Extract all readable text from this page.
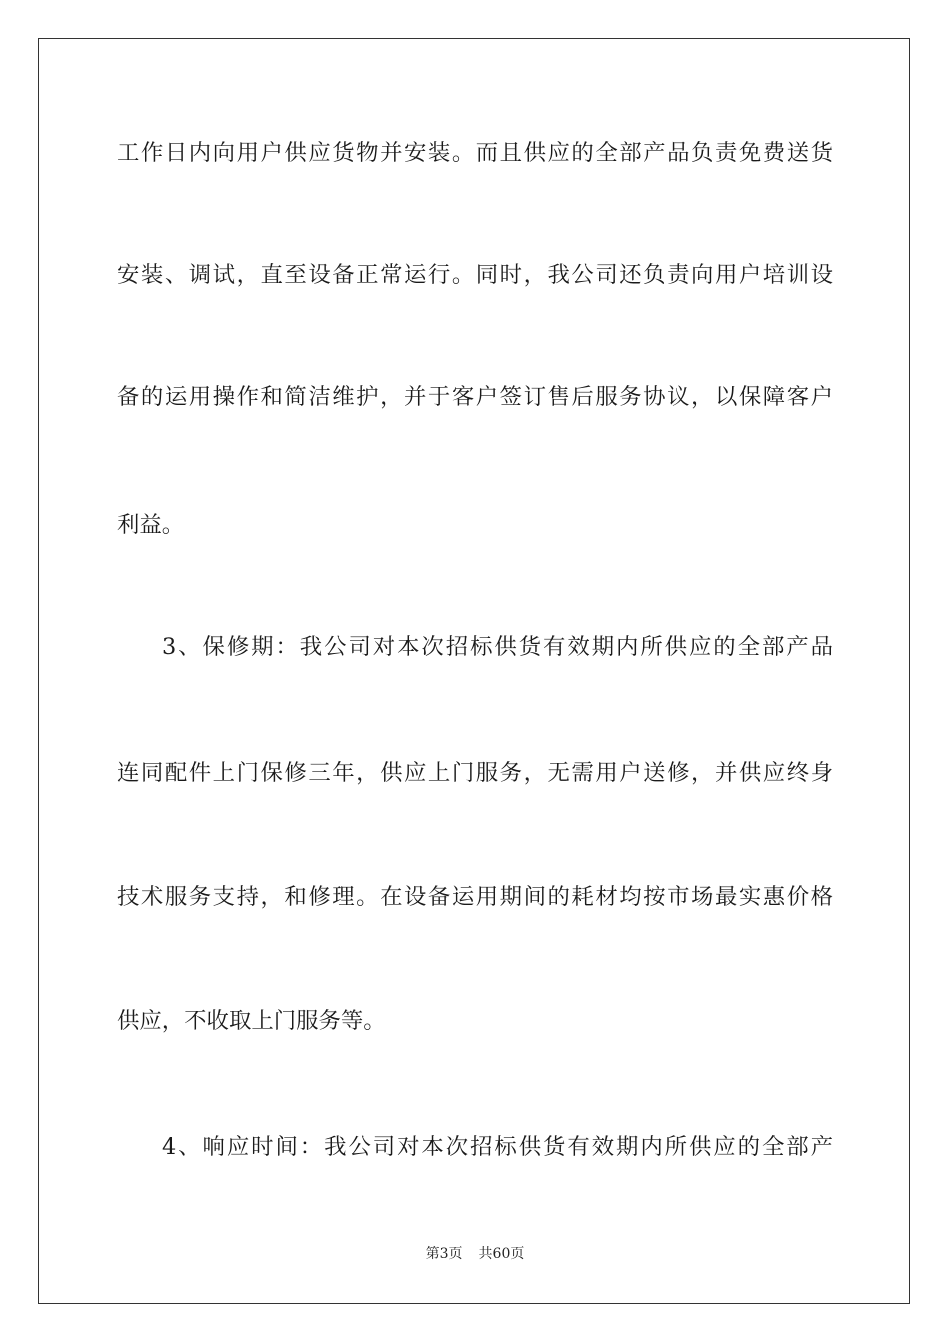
工作日内向用户供应货物并安装。而且供应的全部产品负责免费送货
安装、调试，直至设备正常运行。同时，我公司还负责向用户培训设
备的运用操作和简洁维护，并于客户签订售后服务协议，以保障客户
利益。
3、保修期：我公司对本次招标供货有效期内所供应的全部产品
连同配件上门保修三年，供应上门服务，无需用户送修，并供应终身
技术服务支持，和修理。在设备运用期间的耗材均按市场最实惠价格
供应，不收取上门服务等。
4、响应时间：我公司对本次招标供货有效期内所供应的全部产
第3页 共60页
